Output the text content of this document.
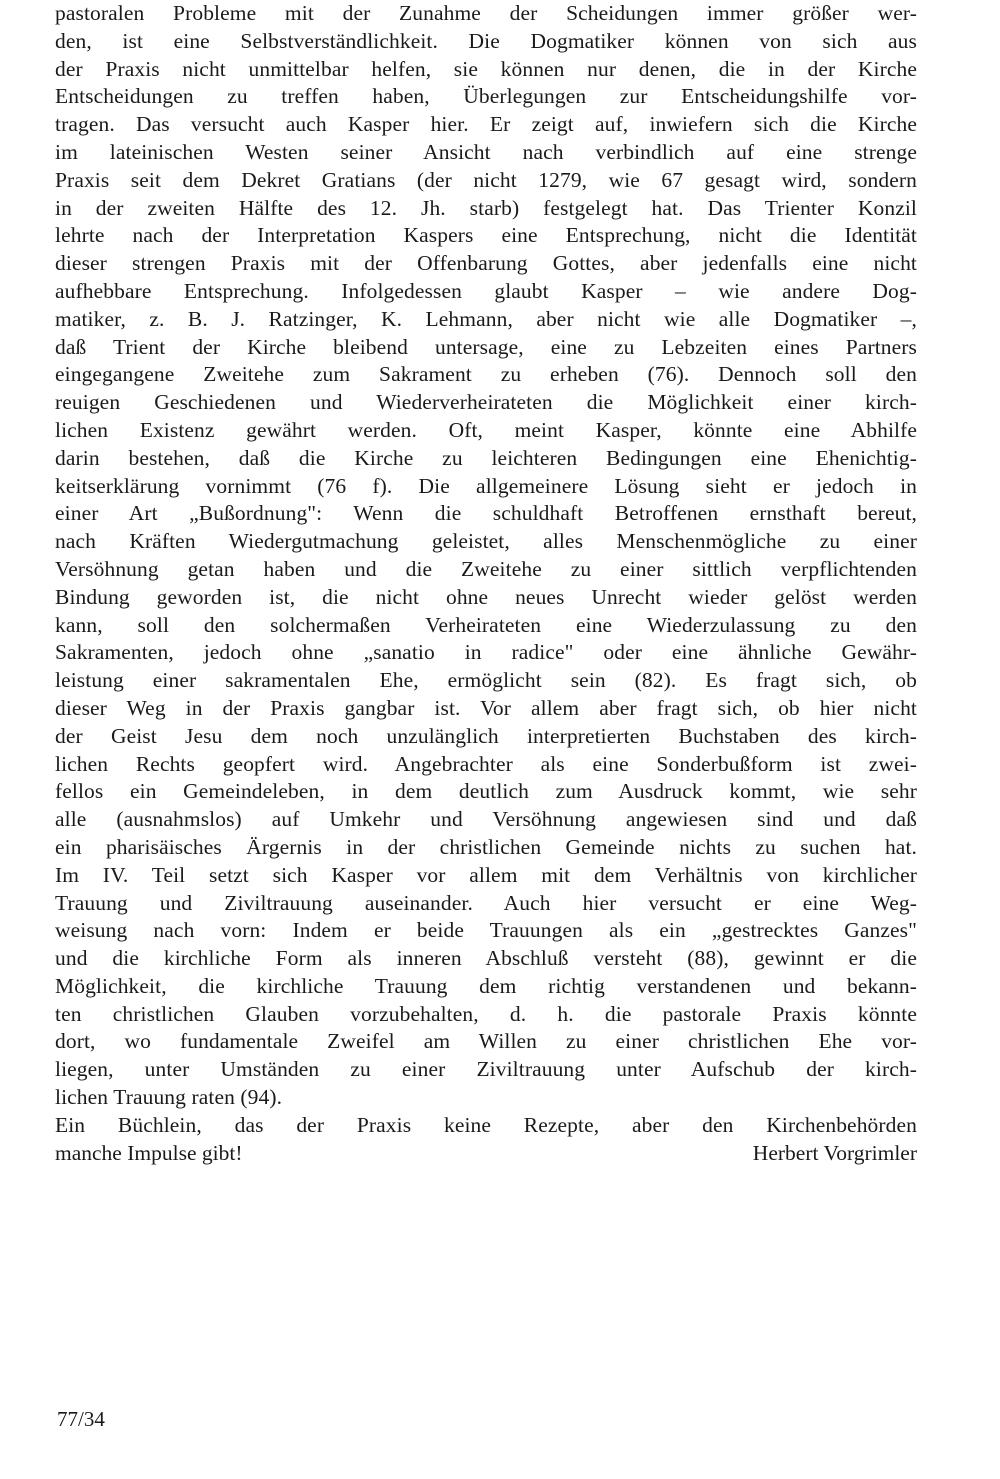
pastoralen Probleme mit der Zunahme der Scheidungen immer größer wer-
den, ist eine Selbstverständlichkeit. Die Dogmatiker können von sich aus
der Praxis nicht unmittelbar helfen, sie können nur denen, die in der Kirche
Entscheidungen zu treffen haben, Überlegungen zur Entscheidungshilfe vor-
tragen. Das versucht auch Kasper hier. Er zeigt auf, inwiefern sich die Kirche
im lateinischen Westen seiner Ansicht nach verbindlich auf eine strenge
Praxis seit dem Dekret Gratians (der nicht 1279, wie 67 gesagt wird, sondern
in der zweiten Hälfte des 12. Jh. starb) festgelegt hat. Das Trienter Konzil
lehrte nach der Interpretation Kaspers eine Entsprechung, nicht die Identität
dieser strengen Praxis mit der Offenbarung Gottes, aber jedenfalls eine nicht
aufhebbare Entsprechung. Infolgedessen glaubt Kasper – wie andere Dog-
matiker, z. B. J. Ratzinger, K. Lehmann, aber nicht wie alle Dogmatiker –,
daß Trient der Kirche bleibend untersage, eine zu Lebzeiten eines Partners
eingegangene Zweitehe zum Sakrament zu erheben (76). Dennoch soll den
reuigen Geschiedenen und Wiederverheirateten die Möglichkeit einer kirch-
lichen Existenz gewährt werden. Oft, meint Kasper, könnte eine Abhilfe
darin bestehen, daß die Kirche zu leichteren Bedingungen eine Ehenichtig-
keitserklärung vornimmt (76 f). Die allgemeinere Lösung sieht er jedoch in
einer Art „Bußordnung": Wenn die schuldhaft Betroffenen ernsthaft bereut,
nach Kräften Wiedergutmachung geleistet, alles Menschenmögliche zu einer
Versöhnung getan haben und die Zweitehe zu einer sittlich verpflichtenden
Bindung geworden ist, die nicht ohne neues Unrecht wieder gelöst werden
kann, soll den solchermaßen Verheirateten eine Wiederzulassung zu den
Sakramenten, jedoch ohne „sanatio in radice" oder eine ähnliche Gewähr-
leistung einer sakramentalen Ehe, ermöglicht sein (82). Es fragt sich, ob
dieser Weg in der Praxis gangbar ist. Vor allem aber fragt sich, ob hier nicht
der Geist Jesu dem noch unzulänglich interpretierten Buchstaben des kirch-
lichen Rechts geopfert wird. Angebrachter als eine Sonderbußform ist zwei-
fellos ein Gemeindeleben, in dem deutlich zum Ausdruck kommt, wie sehr
alle (ausnahmslos) auf Umkehr und Versöhnung angewiesen sind und daß
ein pharisäisches Ärgernis in der christlichen Gemeinde nichts zu suchen hat.
Im IV. Teil setzt sich Kasper vor allem mit dem Verhältnis von kirchlicher
Trauung und Ziviltrauung auseinander. Auch hier versucht er eine Weg-
weisung nach vorn: Indem er beide Trauungen als ein „gestrecktes Ganzes"
und die kirchliche Form als inneren Abschluß versteht (88), gewinnt er die
Möglichkeit, die kirchliche Trauung dem richtig verstandenen und bekann-
ten christlichen Glauben vorzubehalten, d. h. die pastorale Praxis könnte
dort, wo fundamentale Zweifel am Willen zu einer christlichen Ehe vor-
liegen, unter Umständen zu einer Ziviltrauung unter Aufschub der kirch-
lichen Trauung raten (94).
Ein Büchlein, das der Praxis keine Rezepte, aber den Kirchenbehörden
manche Impulse gibt!	Herbert Vorgrimler
77/34
